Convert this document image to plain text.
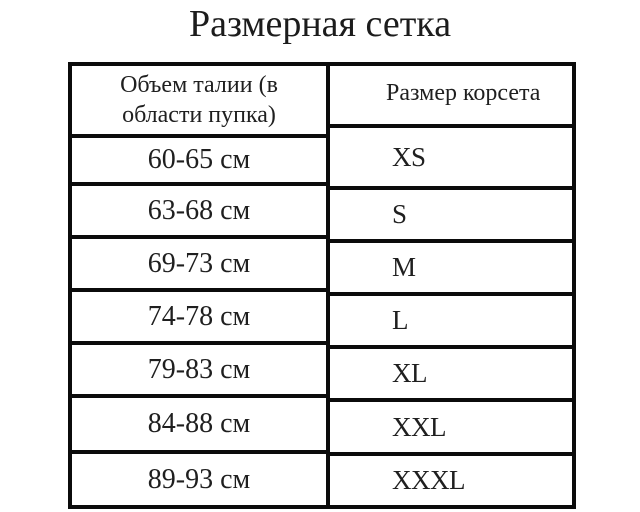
Размерная сетка
Объем талии (в области пупка)
60-65 см
63-68 см
69-73 см
74-78 см
79-83 см
84-88 см
89-93 см
Размер корсета
XS
S
M
L
XL
XXL
XXXL
